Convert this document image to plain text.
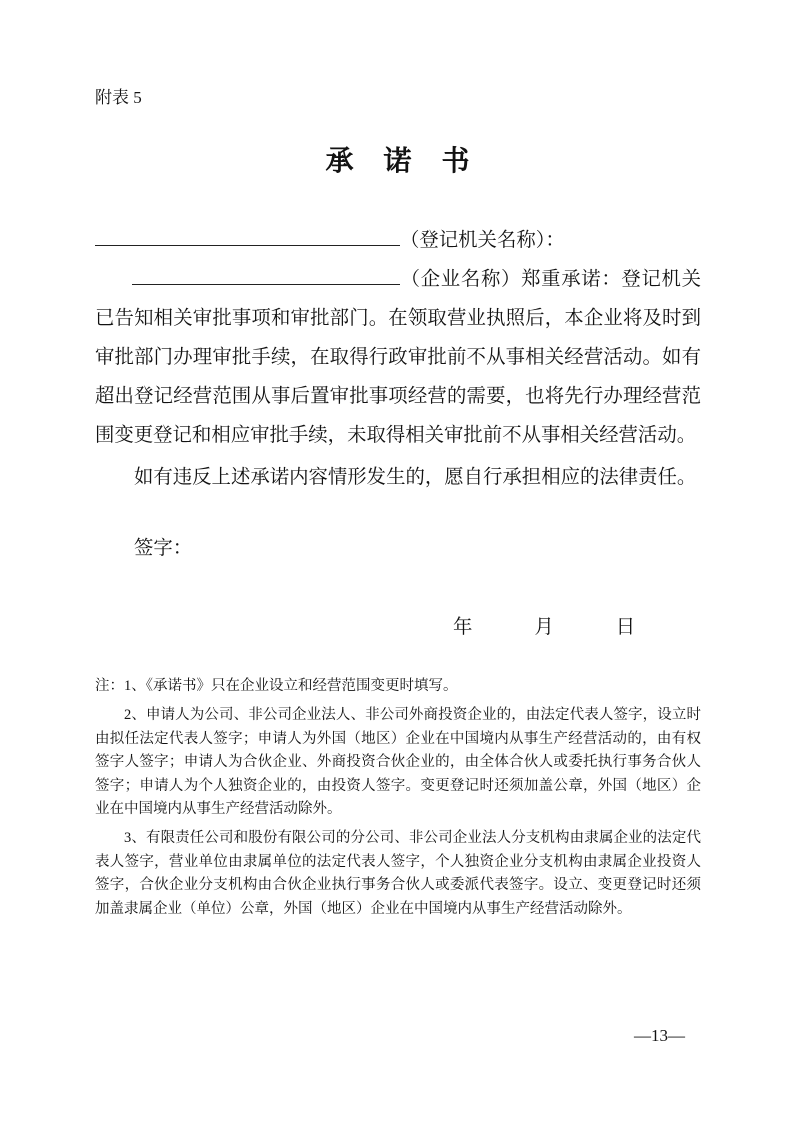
附表 5
承　诺　书

（登记机关名称）：

（企业名称）郑重承诺：登记机关已告知相关审批事项和审批部门。在领取营业执照后，本企业将及时到审批部门办理审批手续，在取得行政审批前不从事相关经营活动。如有超出登记经营范围从事后置审批事项经营的需要，也将先行办理经营范围变更登记和相应审批手续，未取得相关审批前不从事相关经营活动。

如有违反上述承诺内容情形发生的，愿自行承担相应的法律责任。

签字：
年	月	日

注：1、《承诺书》只在企业设立和经营范围变更时填写。

2、申请人为公司、非公司企业法人、非公司外商投资企业的，由法定代表人签字，设立时由拟任法定代表人签字；申请人为外国（地区）企业在中国境内从事生产经营活动的，由有权签字人签字；申请人为合伙企业、外商投资合伙企业的，由全体合伙人或委托执行事务合伙人签字；申请人为个人独资企业的，由投资人签字。变更登记时还须加盖公章，外国（地区）企业在中国境内从事生产经营活动除外。

3、有限责任公司和股份有限公司的分公司、非公司企业法人分支机构由隶属企业的法定代表人签字，营业单位由隶属单位的法定代表人签字，个人独资企业分支机构由隶属企业投资人签字，合伙企业分支机构由合伙企业执行事务合伙人或委派代表签字。设立、变更登记时还须加盖隶属企业（单位）公章，外国（地区）企业在中国境内从事生产经营活动除外。

—13—
